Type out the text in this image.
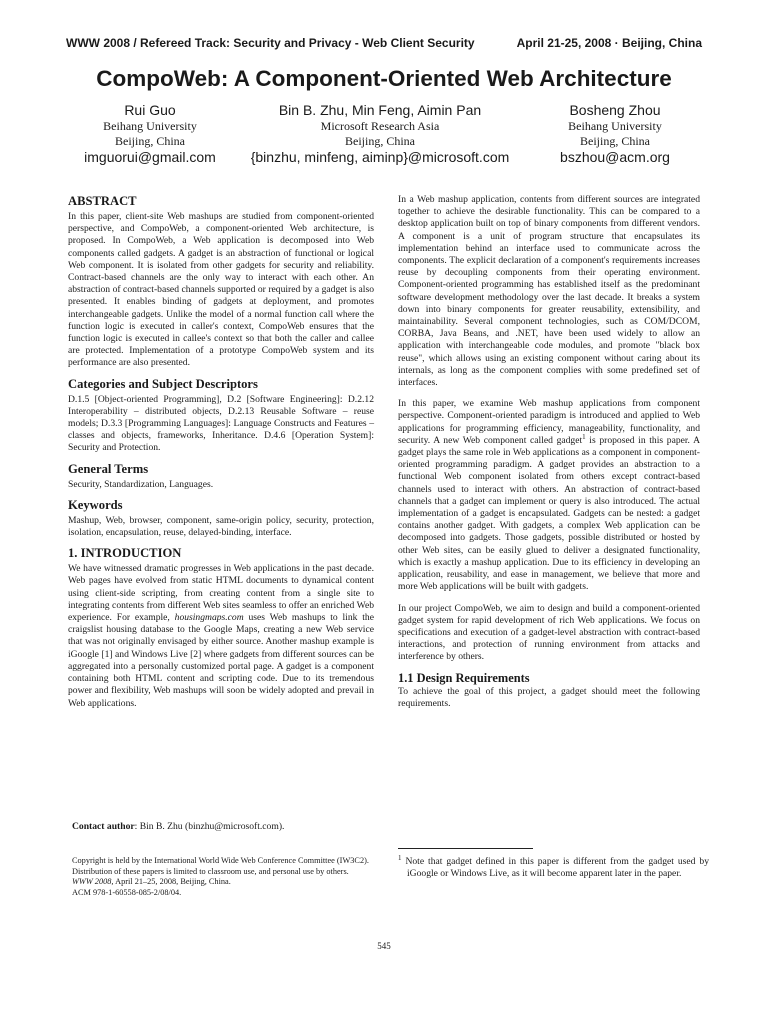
WWW 2008 / Refereed Track: Security and Privacy - Web Client Security	April 21-25, 2008 · Beijing, China
CompoWeb: A Component-Oriented Web Architecture
Rui Guo
Beihang University
Beijing, China
imguorui@gmail.com
Bin B. Zhu, Min Feng, Aimin Pan
Microsoft Research Asia
Beijing, China
{binzhu, minfeng, aiminp}@microsoft.com
Bosheng Zhou
Beihang University
Beijing, China
bszhou@acm.org
ABSTRACT

In this paper, client-site Web mashups are studied from component-oriented perspective, and CompoWeb, a component-oriented Web architecture, is proposed. In CompoWeb, a Web application is decomposed into Web components called gadgets. A gadget is an abstraction of functional or logical Web component. It is isolated from other gadgets for security and reliability. Contract-based channels are the only way to interact with each other. An abstraction of contract-based channels supported or required by a gadget is also presented. It enables binding of gadgets at deployment, and promotes interchangeable gadgets. Unlike the model of a normal function call where the function logic is executed in caller's context, CompoWeb ensures that the function logic is executed in callee's context so that both the caller and callee are protected. Implementation of a prototype CompoWeb system and its performance are also presented.

Categories and Subject Descriptors

D.1.5 [Object-oriented Programming], D.2 [Software Engineering]: D.2.12 Interoperability – distributed objects, D.2.13 Reusable Software – reuse models; D.3.3 [Programming Languages]: Language Constructs and Features – classes and objects, frameworks, Inheritance. D.4.6 [Operation System]: Security and Protection.

General Terms

Security, Standardization, Languages.

Keywords

Mashup, Web, browser, component, same-origin policy, security, protection, isolation, encapsulation, reuse, delayed-binding, interface.

1. INTRODUCTION

We have witnessed dramatic progresses in Web applications in the past decade. Web pages have evolved from static HTML documents to dynamical content using client-side scripting, from creating content from a single site to integrating contents from different Web sites seamless to offer an enriched Web experience. For example, housingmaps.com uses Web mashups to link the craigslist housing database to the Google Maps, creating a new Web service that was not originally envisaged by either source. Another mashup example is iGoogle [1] and Windows Live [2] where gadgets from different sources can be aggregated into a personally customized portal page. A gadget is a component containing both HTML content and scripting code. Due to its tremendous power and flexibility, Web mashups will soon be widely adopted and prevail in Web applications.

Contact author: Bin B. Zhu (binzhu@microsoft.com).
Copyright is held by the International World Wide Web Conference Committee (IW3C2). Distribution of these papers is limited to classroom use, and personal use by others.
WWW 2008, April 21–25, 2008, Beijing, China.
ACM 978-1-60558-085-2/08/04.

In a Web mashup application, contents from different sources are integrated together to achieve the desirable functionality. This can be compared to a desktop application built on top of binary components from different vendors. A component is a unit of program structure that encapsulates its implementation behind an interface used to communicate across the components. The explicit declaration of a component's requirements increases reuse by decoupling components from their operating environment. Component-oriented programming has established itself as the predominant software development methodology over the last decade. It breaks a system down into binary components for greater reusability, extensibility, and maintainability. Several component technologies, such as COM/DCOM, CORBA, Java Beans, and .NET, have been used widely to allow an application with interchangeable code modules, and promote "black box reuse", which allows using an existing component without caring about its internals, as long as the component complies with some predefined set of interfaces.

In this paper, we examine Web mashup applications from component perspective. Component-oriented paradigm is introduced and applied to Web applications for programming efficiency, manageability, functionality, and security. A new Web component called gadget$^1$ is proposed in this paper. A gadget plays the same role in Web applications as a component in component-oriented programming paradigm. A gadget provides an abstraction to a functional Web component isolated from others except contract-based channels used to interact with others. An abstraction of contract-based channels that a gadget can implement or query is also introduced. The actual implementation of a gadget is encapsulated. Gadgets can be nested: a gadget contains another gadget. With gadgets, a complex Web application can be decomposed into gadgets. Those gadgets, possible distributed or hosted by other Web sites, can be easily glued to deliver a designated functionality, which is exactly a mashup application. Due to its efficiency in developing an application, reusability, and ease in management, we believe that more and more Web applications will be built with gadgets.

In our project CompoWeb, we aim to design and build a component-oriented gadget system for rapid development of rich Web applications. We focus on specifications and execution of a gadget-level abstraction with contract-based interactions, and protection of running environment from attacks and interference by others.

1.1 Design Requirements

To achieve the goal of this project, a gadget should meet the following requirements.

$^1$ Note that gadget defined in this paper is different from the gadget used by iGoogle or Windows Live, as it will become apparent later in the paper.
545
